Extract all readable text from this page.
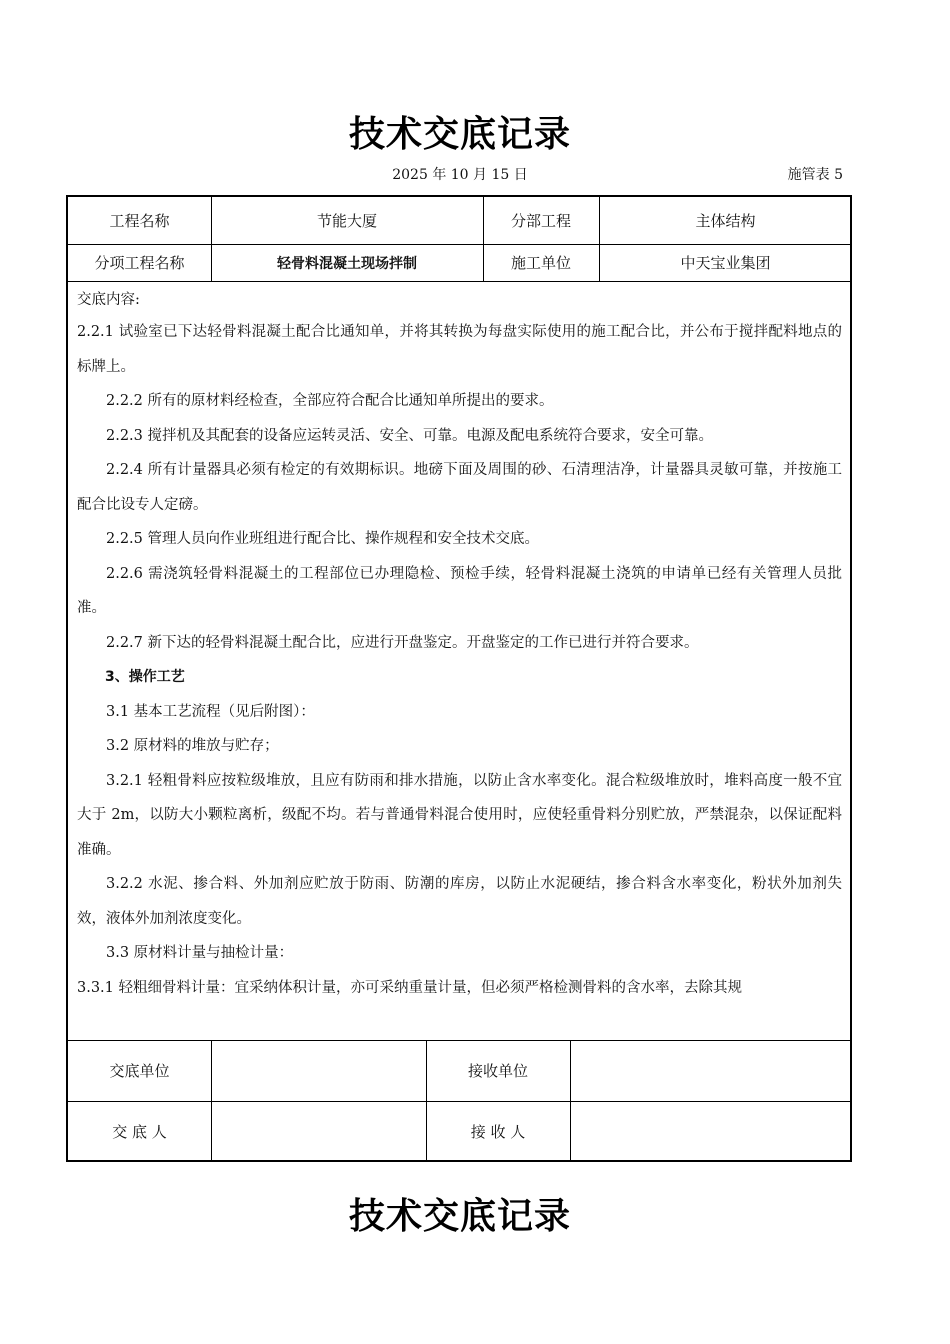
技术交底记录
2025 年 10 月 15 日	施管表 5
工程名称	节能大厦	分部工程	主体结构
分项工程名称	轻骨料混凝土现场拌制	施工单位	中天宝业集团

交底内容:

2.2.1 试验室已下达轻骨料混凝土配合比通知单，并将其转换为每盘实际使用的施工配合比，并公布于搅拌配料地点的标牌上。

2.2.2 所有的原材料经检查，全部应符合配合比通知单所提出的要求。

2.2.3 搅拌机及其配套的设备应运转灵活、安全、可靠。电源及配电系统符合要求，安全可靠。

2.2.4 所有计量器具必须有检定的有效期标识。地磅下面及周围的砂、石清理洁净，计量器具灵敏可靠，并按施工配合比设专人定磅。

2.2.5 管理人员向作业班组进行配合比、操作规程和安全技术交底。

2.2.6 需浇筑轻骨料混凝土的工程部位已办理隐检、预检手续，轻骨料混凝土浇筑的申请单已经有关管理人员批准。

2.2.7 新下达的轻骨料混凝土配合比，应进行开盘鉴定。开盘鉴定的工作已进行并符合要求。

3、操作工艺

3.1 基本工艺流程（见后附图）：

3.2 原材料的堆放与贮存；

3.2.1 轻粗骨料应按粒级堆放，且应有防雨和排水措施，以防止含水率变化。混合粒级堆放时，堆料高度一般不宜大于 2m，以防大小颗粒离析，级配不均。若与普通骨料混合使用时，应使轻重骨料分别贮放，严禁混杂，以保证配料准确。

3.2.2 水泥、掺合料、外加剂应贮放于防雨、防潮的库房，以防止水泥硬结，掺合料含水率变化，粉状外加剂失效，液体外加剂浓度变化。

3.3 原材料计量与抽检计量：

3.3.1 轻粗细骨料计量：宜采纳体积计量，亦可采纳重量计量，但必须严格检测骨料的含水率，去除其规

交底单位	接收单位
交 底 人	接 收 人
技术交底记录
